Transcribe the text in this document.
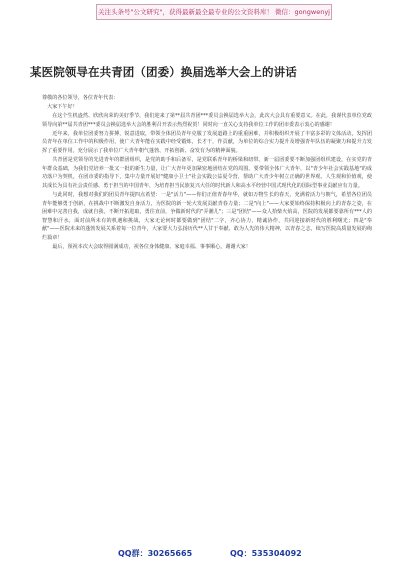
关注头条号"公文研究"，获得最新最全最专业的公文资料库！ 微信：gongwenyj
某医院领导在共青团（团委）换届选举大会上的讲话

尊敬的各位领导，各位青年代表：

大家下午好！

在这个生机盎然、欣欣向荣的美好季节，我们迎来了第**届共青团***委员会换届选举大会，此次大会具有重要意义。在此，我谨代表单位党政领导向第**届共青团***委员会换届选举大会的胜利召开表示热烈祝贺！同时向一直关心支持我单位工作的团市委表示衷心的感谢！

近年来，我单位团委努力拼搏，锐意进取，带领全体团员青年克服了发展道路上的重重困难，并积极组织开展了丰富多彩的文体活动，发挥团员青年在单位工作中的积极作用，使广大青年能在实践中经受锻炼，长才干，作贡献，为单位的综合实力提升及增强青年队伍的凝聚力和提升力发挥了重要作用，充分展示了我单位广大青年朝气蓬勃、开拓创新、奋发有为的精神面貌。

共青团是党领导的先进青年的群团组织，是党的助手和后备军，是党联系青年的桥梁和纽带。新一届团委要不断加强团组织建设，在实党的青年群众基础，为我们党培养一批又一批的新生力量，让广大青年更加紧密地团结在党的周围。要带领全体广大青年，以"青少年社会实践基地"的成功落户为契机，在团市委的指导下，集中力量开展好"健康小卫士"社会实践公益夏令营，帮助广大青少年树立正确的世界观、人生观和价值观，使其成长为具有社会责任感、勇于担当的中国青年，为培育担当民族复兴大任的时代新人和高水平经营中国式现代化的国际型事业贡献应有力量。

与此同时，我想对我们的团员青年提四点希望：一是"活力"——你们正值青春年华，就如万物生长的春天，充满着活力与朝气，希望各位团员青年能够勇于创新，在挑战中不断激发自身活力，为医院的新一轮大发展贡献青春力量；二是"向上"——大家要始终保持积极向上的青春之姿，在困难中完善自我，成就自我，不断开拓进取，勇往直前，争做新时代的"弄潮儿"；三是"团结"——众人拾柴火焰高，医院的发展都要靠所有***人的智慧和汗水，面对前所未有的机遇和挑战，大家无论何时都要做到"团结"二字，齐心协力，精诚协作，共同迎接新时代的胜利曙光；四是"奉献"——医院未来的蓬勃发展关系着每一位青年，大家要大力弘扬历代**人甘于奉献、敢为人先的伟大精神，以青春之志，续写医院高质量发展的绚烂篇章！

最后，预祝本次大会取得圆满成功，祝各位身体健康、家庭幸福、事事顺心，谢谢大家！

QQ群：30265665	QQ：535304092
